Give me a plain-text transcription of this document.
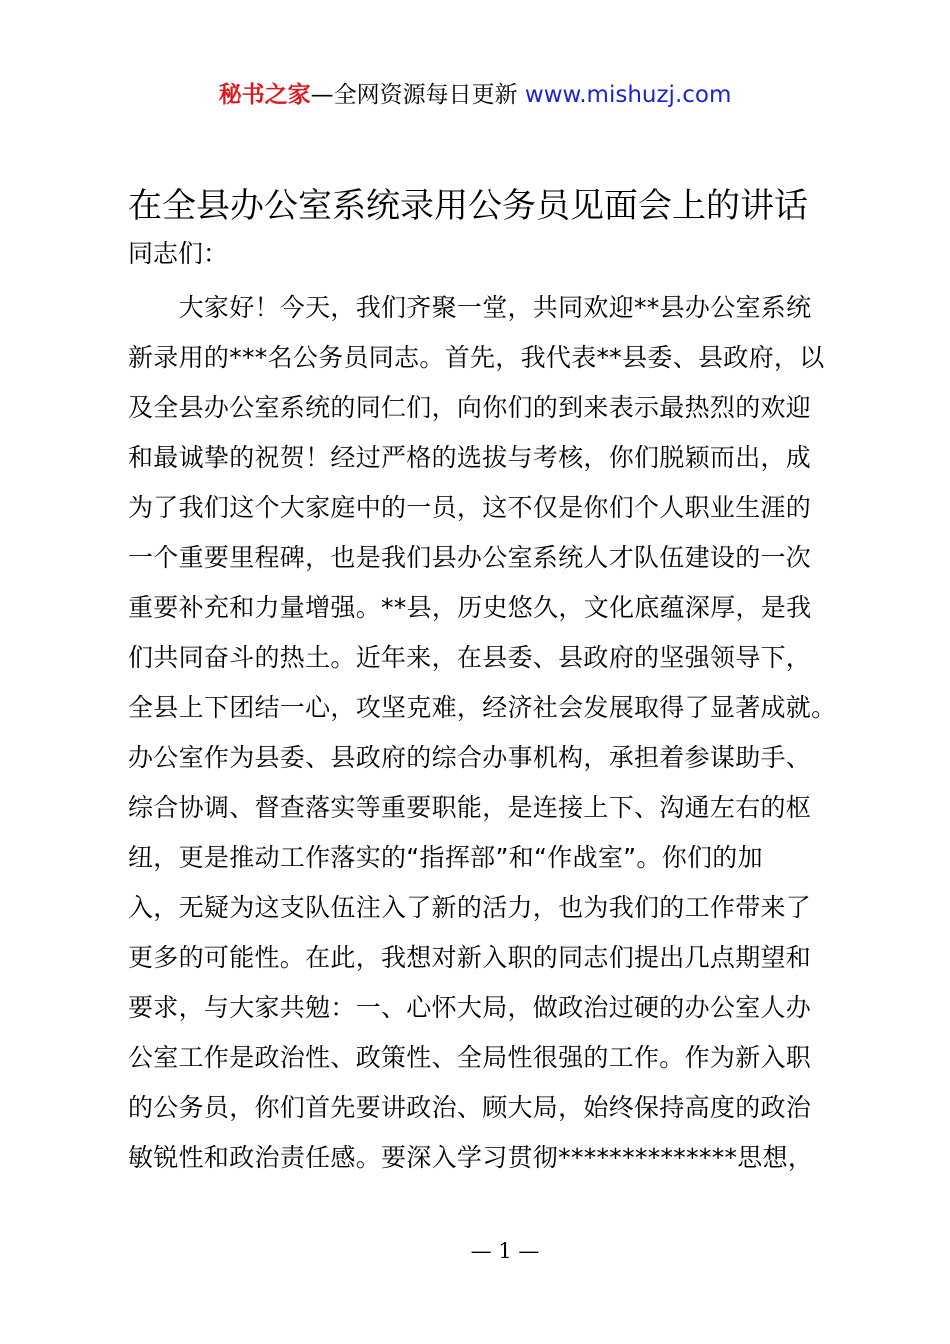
秘书之家—全网资源每日更新 www.mishuzj.com
在全县办公室系统录用公务员见面会上的讲话

同志们：

　　大家好！今天，我们齐聚一堂，共同欢迎**县办公室系统
新录用的***名公务员同志。首先，我代表**县委、县政府，以
及全县办公室系统的同仁们，向你们的到来表示最热烈的欢迎
和最诚挚的祝贺！经过严格的选拔与考核，你们脱颖而出，成
为了我们这个大家庭中的一员，这不仅是你们个人职业生涯的
一个重要里程碑，也是我们县办公室系统人才队伍建设的一次
重要补充和力量增强。**县，历史悠久，文化底蕴深厚，是我
们共同奋斗的热土。近年来，在县委、县政府的坚强领导下，
全县上下团结一心，攻坚克难，经济社会发展取得了显著成就。
办公室作为县委、县政府的综合办事机构，承担着参谋助手、
综合协调、督查落实等重要职能，是连接上下、沟通左右的枢
纽，更是推动工作落实的“指挥部”和“作战室”。你们的加
入，无疑为这支队伍注入了新的活力，也为我们的工作带来了
更多的可能性。在此，我想对新入职的同志们提出几点期望和
要求，与大家共勉：一、心怀大局，做政治过硬的办公室人办
公室工作是政治性、政策性、全局性很强的工作。作为新入职
的公务员，你们首先要讲政治、顾大局，始终保持高度的政治
敏锐性和政治责任感。要深入学习贯彻**************思想，
— 1 —
